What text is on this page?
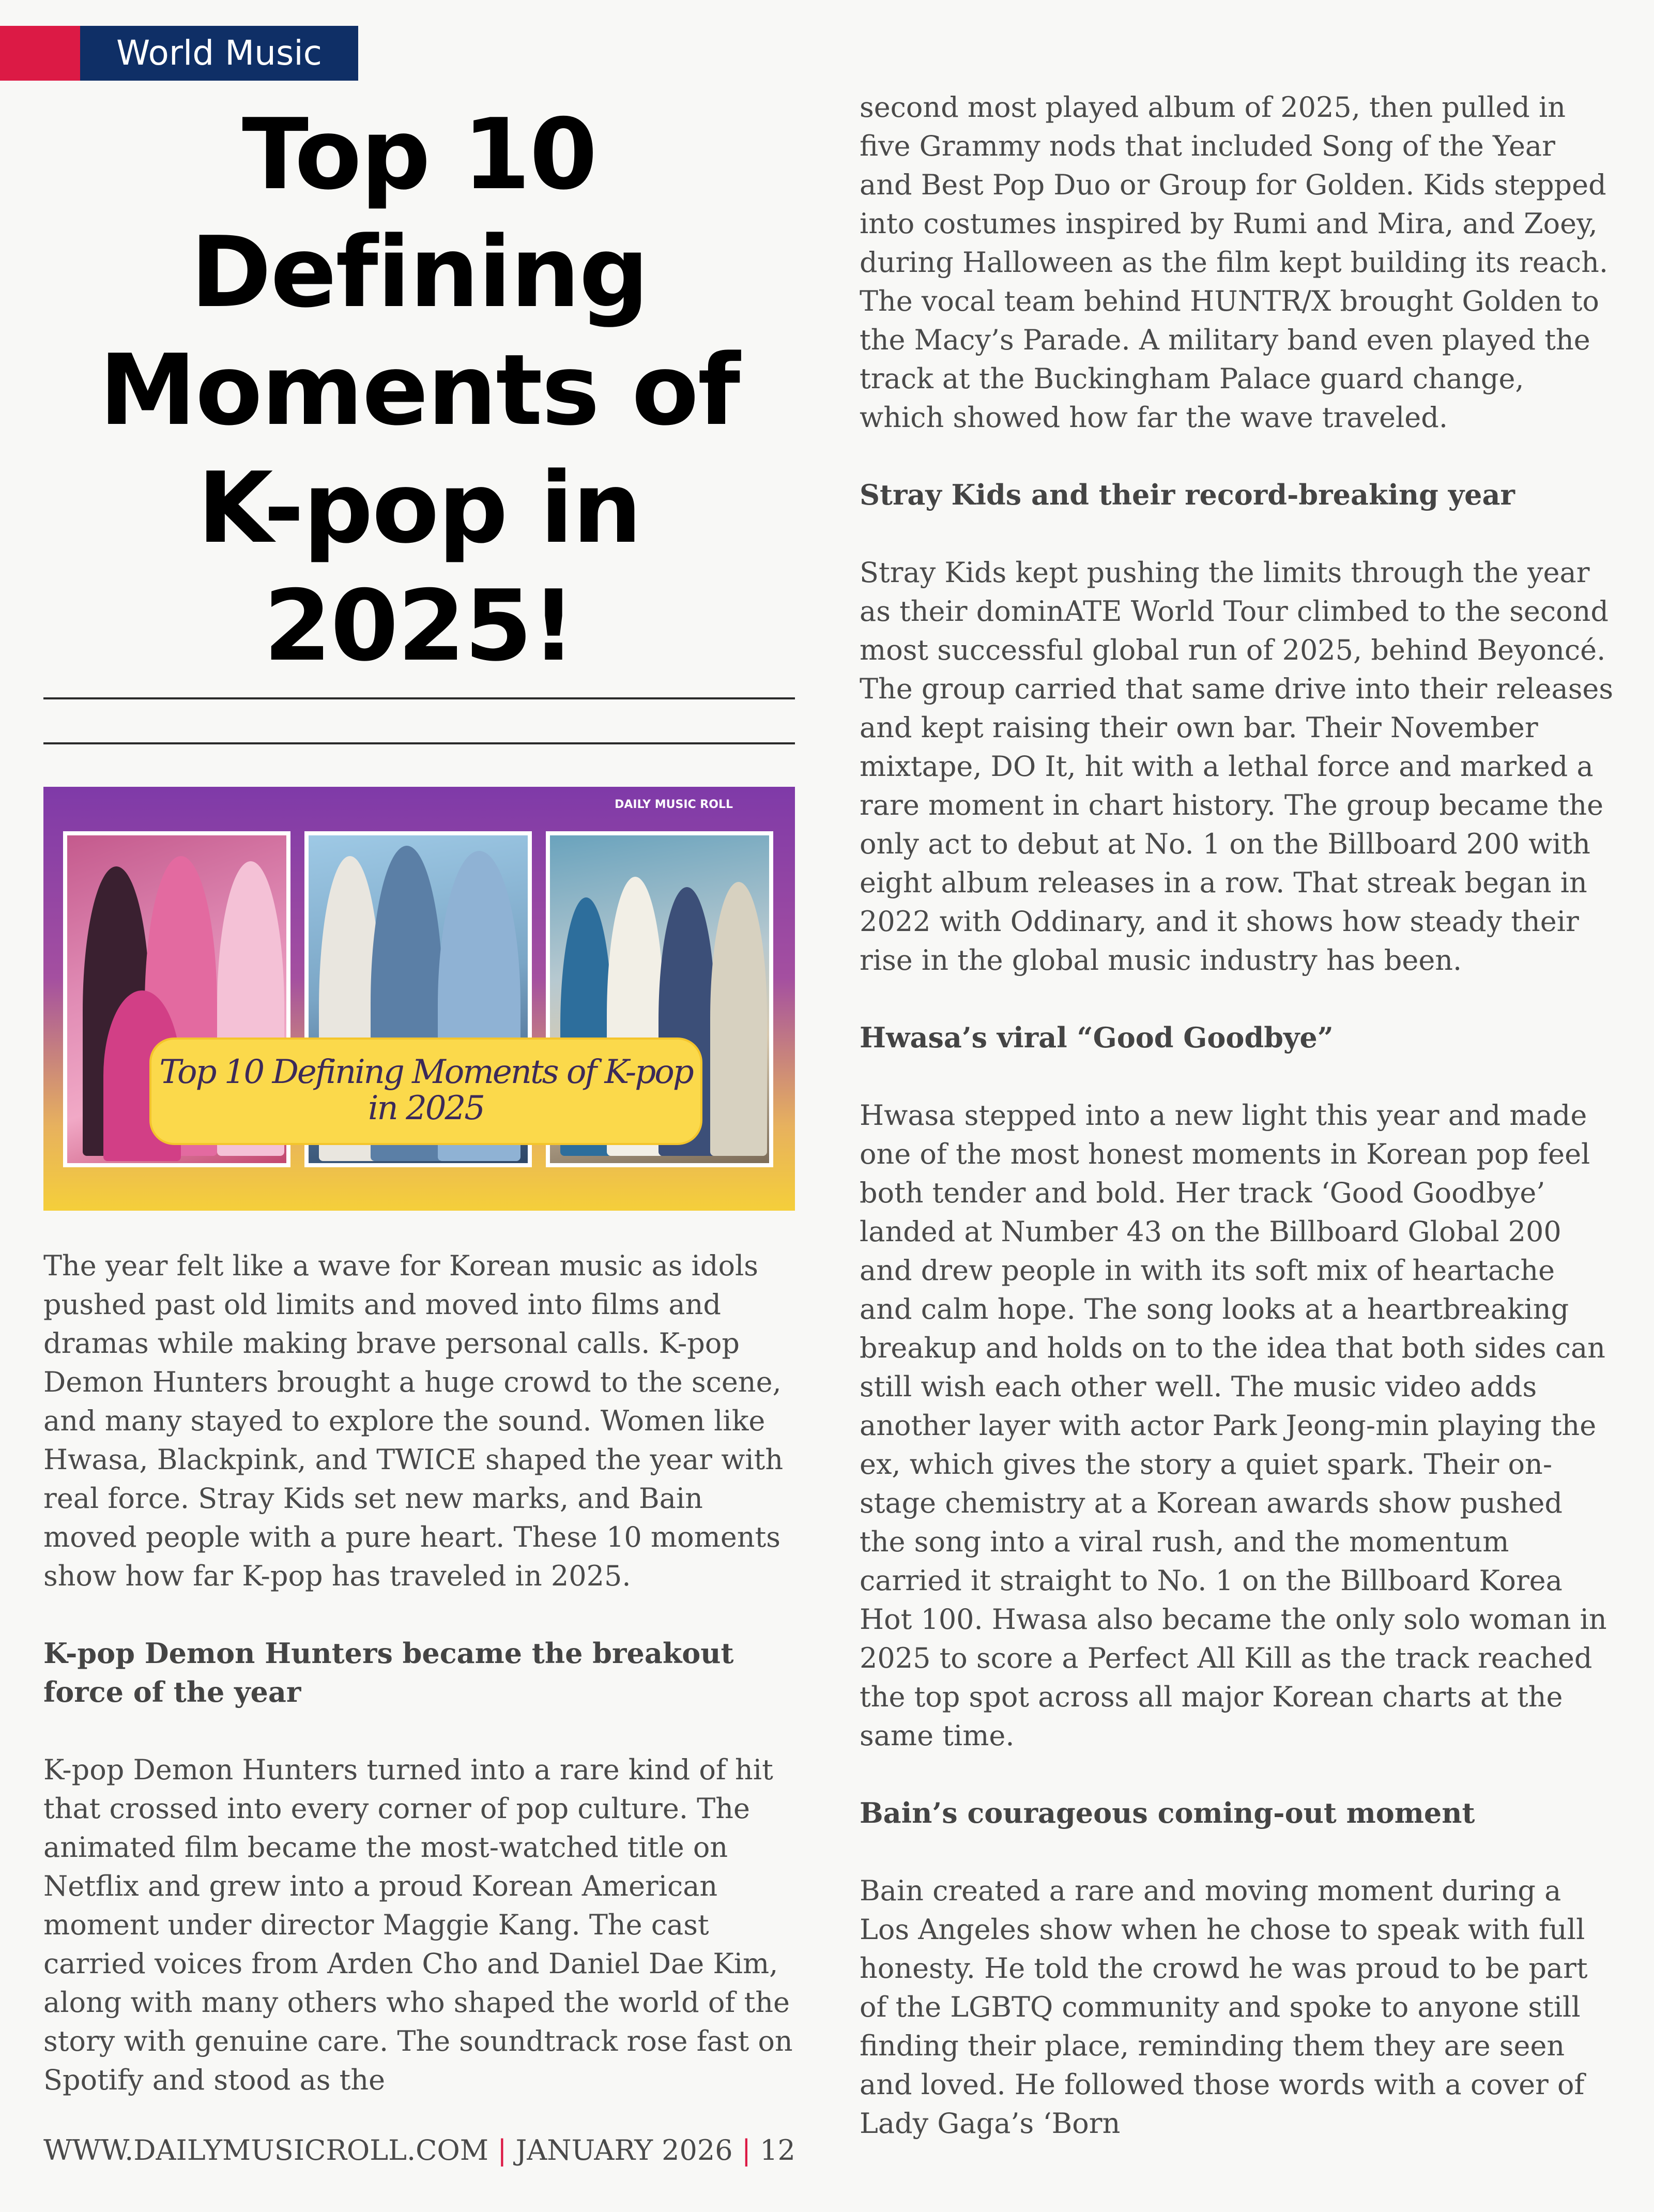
World Music
Top 10 Defining Moments of K-pop in 2025!
DAILY MUSIC ROLL
Top 10 Defining Moments of K-pop in 2025

The year felt like a wave for Korean music as idols pushed past old limits and moved into films and dramas while making brave personal calls. K-pop Demon Hunters brought a huge crowd to the scene, and many stayed to explore the sound. Women like Hwasa, Blackpink, and TWICE shaped the year with real force. Stray Kids set new marks, and Bain moved people with a pure heart. These 10 moments show how far K-pop has traveled in 2025.

K-pop Demon Hunters became the breakout force of the year

K-pop Demon Hunters turned into a rare kind of hit that crossed into every corner of pop culture. The animated film became the most-watched title on Netflix and grew into a proud Korean American moment under director Maggie Kang. The cast carried voices from Arden Cho and Daniel Dae Kim, along with many others who shaped the world of the story with genuine care. The soundtrack rose fast on Spotify and stood as the

second most played album of 2025, then pulled in five Grammy nods that included Song of the Year and Best Pop Duo or Group for Golden. Kids stepped into costumes inspired by Rumi and Mira, and Zoey, during Halloween as the film kept building its reach. The vocal team behind HUNTR/X brought Golden to the Macy’s Parade. A military band even played the track at the Buckingham Palace guard change, which showed how far the wave traveled.

Stray Kids and their record-breaking year

Stray Kids kept pushing the limits through the year as their dominATE World Tour climbed to the second most successful global run of 2025, behind Beyoncé. The group carried that same drive into their releases and kept raising their own bar. Their November mixtape, DO It, hit with a lethal force and marked a rare moment in chart history. The group became the only act to debut at No. 1 on the Billboard 200 with eight album releases in a row. That streak began in 2022 with Oddinary, and it shows how steady their rise in the global music industry has been.

Hwasa’s viral “Good Goodbye”

Hwasa stepped into a new light this year and made one of the most honest moments in Korean pop feel both tender and bold. Her track ‘Good Goodbye’ landed at Number 43 on the Billboard Global 200 and drew people in with its soft mix of heartache and calm hope. The song looks at a heartbreaking breakup and holds on to the idea that both sides can still wish each other well. The music video adds another layer with actor Park Jeong-min playing the ex, which gives the story a quiet spark. Their on-stage chemistry at a Korean awards show pushed the song into a viral rush, and the momentum carried it straight to No. 1 on the Billboard Korea Hot 100. Hwasa also became the only solo woman in 2025 to score a Perfect All Kill as the track reached the top spot across all major Korean charts at the same time.

Bain’s courageous coming-out moment

Bain created a rare and moving moment during a Los Angeles show when he chose to speak with full honesty. He told the crowd he was proud to be part of the LGBTQ community and spoke to anyone still finding their place, reminding them they are seen and loved. He followed those words with a cover of Lady Gaga’s ‘Born

WWW.DAILYMUSICROLL.COM | JANUARY 2026 | 12
